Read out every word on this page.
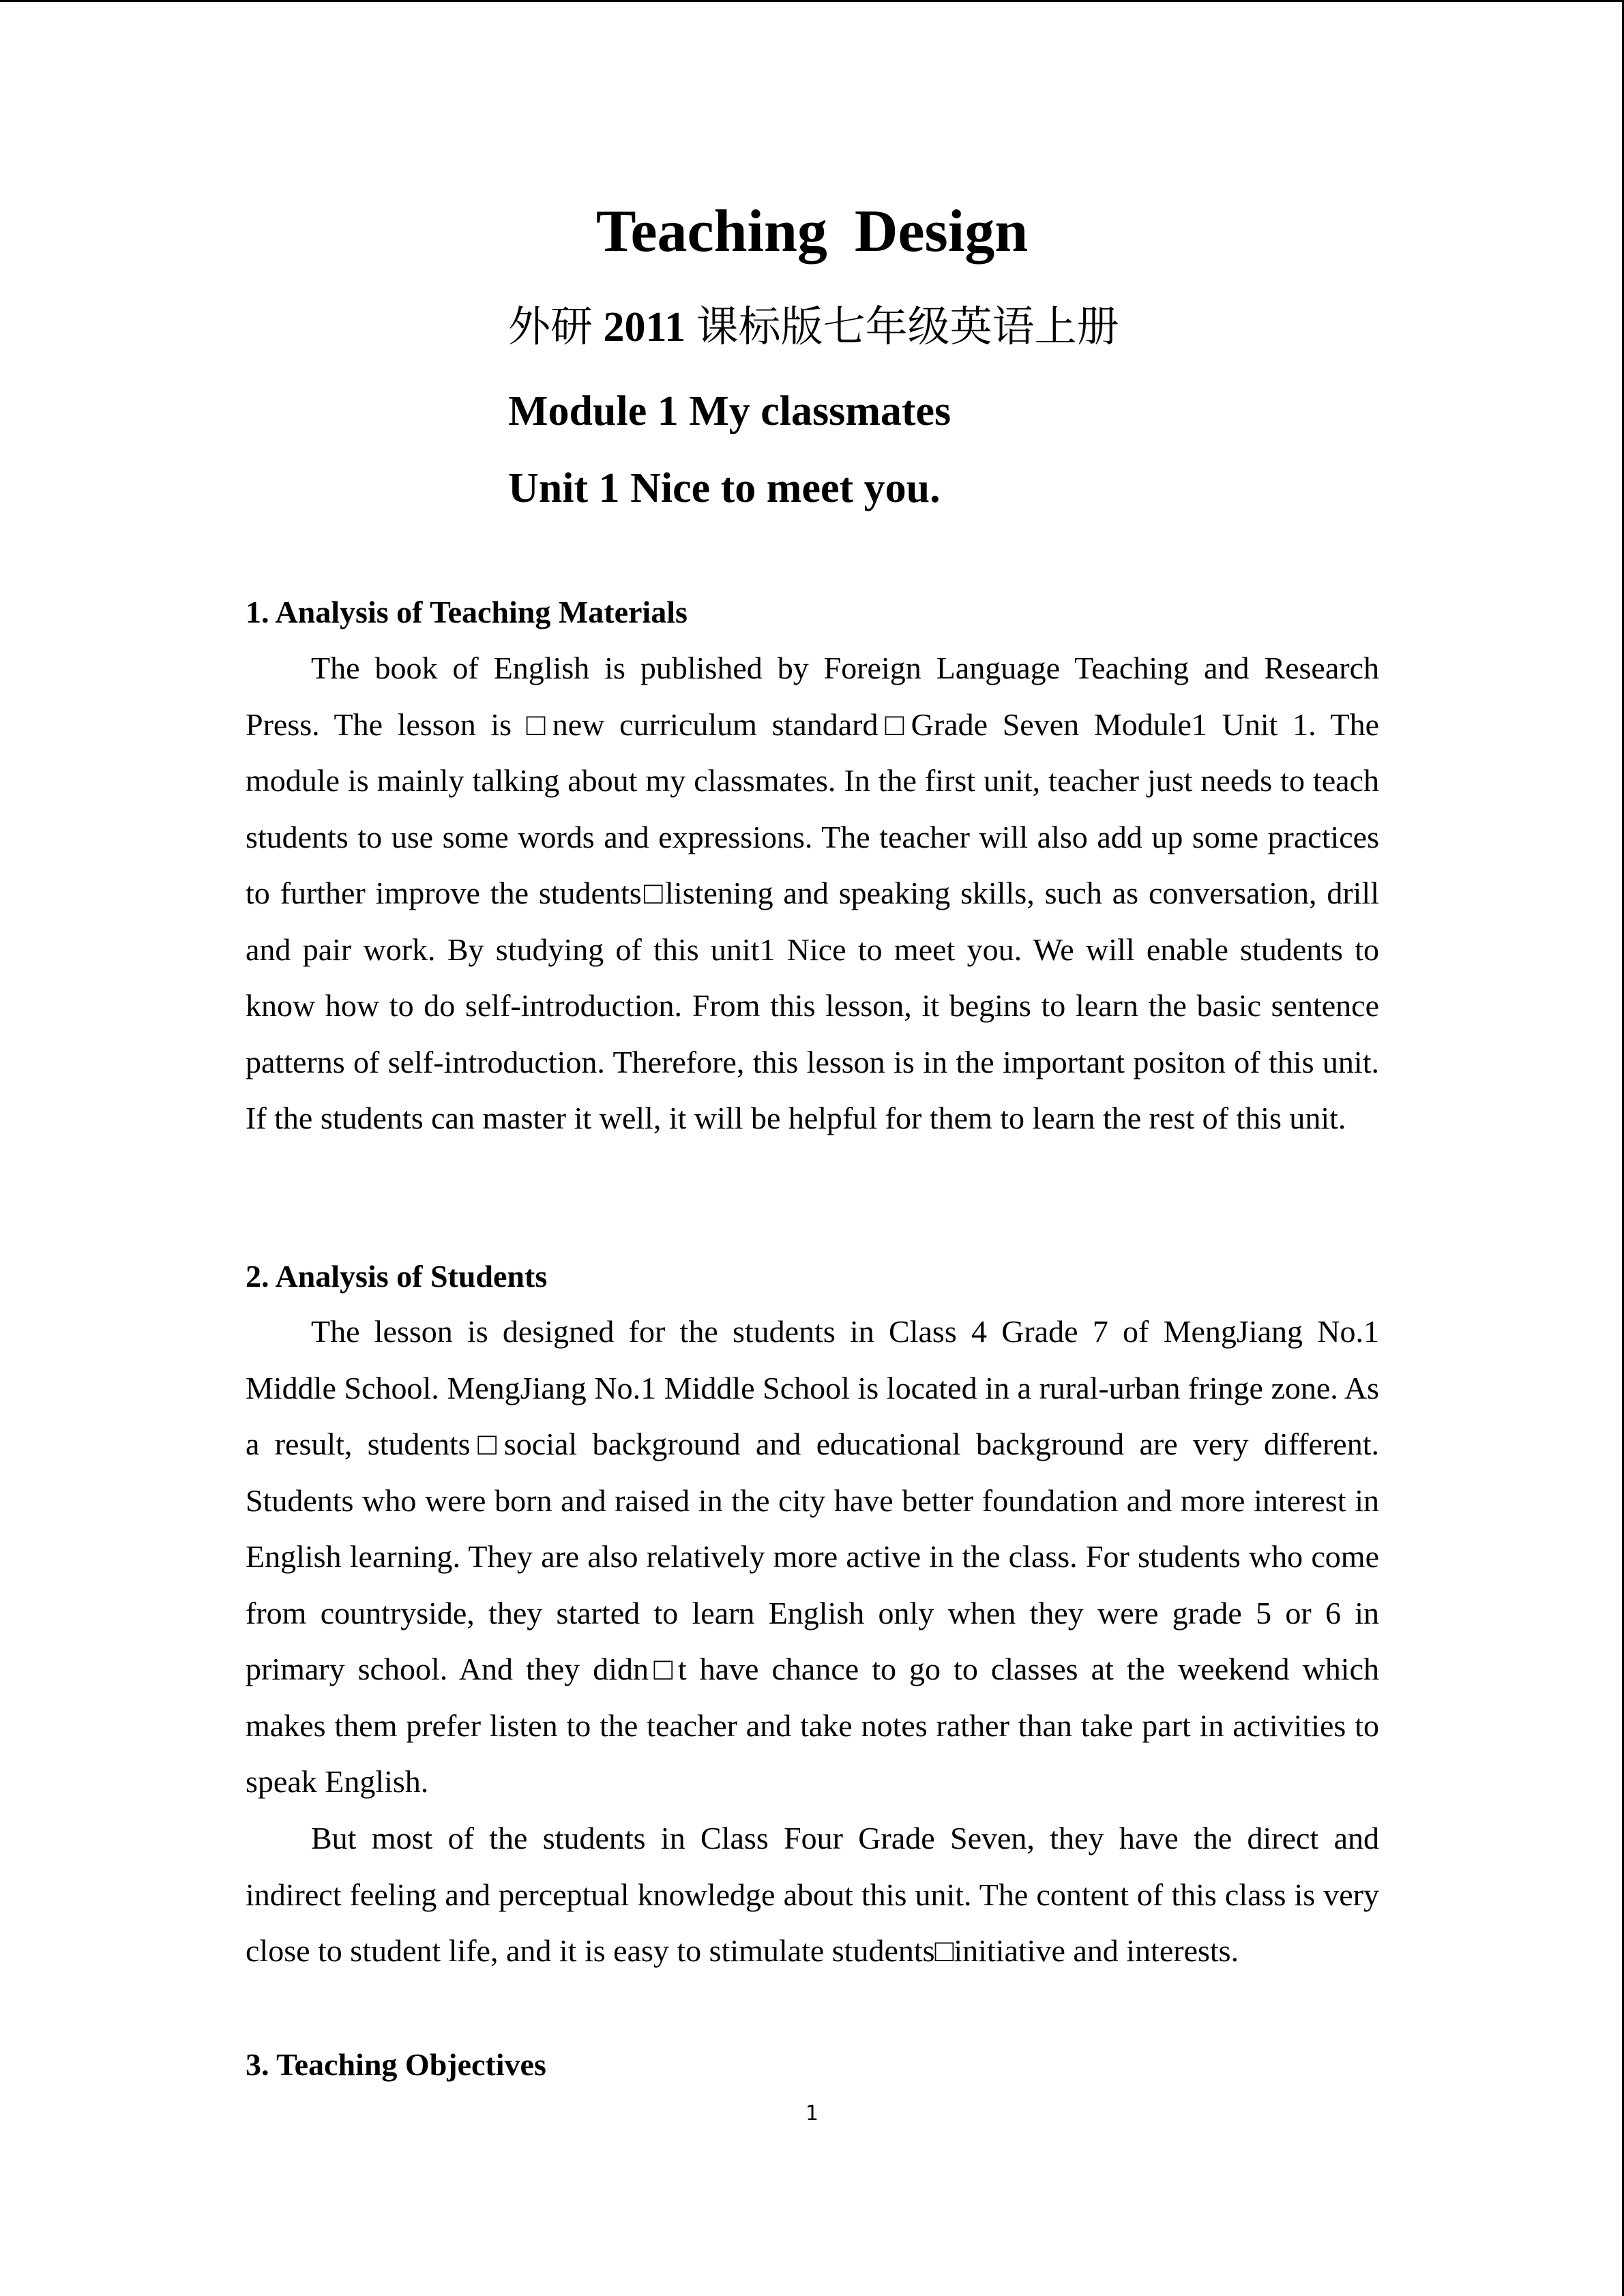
Teaching Design
外研 2011 课标版七年级英语上册
Module 1 My classmates
Unit 1 Nice to meet you.
1. Analysis of Teaching Materials
The book of English is published by Foreign Language Teaching and Research Press. The lesson is □new curriculum standard□Grade Seven Module1 Unit 1. The module is mainly talking about my classmates. In the first unit, teacher just needs to teach students to use some words and expressions. The teacher will also add up some practices to further improve the students□listening and speaking skills, such as conversation, drill and pair work. By studying of this unit1 Nice to meet you. We will enable students to know how to do self-introduction. From this lesson, it begins to learn the basic sentence patterns of self-introduction. Therefore, this lesson is in the important positon of this unit. If the students can master it well, it will be helpful for them to learn the rest of this unit.
2. Analysis of Students
The lesson is designed for the students in Class 4 Grade 7 of MengJiang No.1 Middle School. MengJiang No.1 Middle School is located in a rural-urban fringe zone. As a result, students□social background and educational background are very different. Students who were born and raised in the city have better foundation and more interest in English learning. They are also relatively more active in the class. For students who come from countryside, they started to learn English only when they were grade 5 or 6 in primary school. And they didn□t have chance to go to classes at the weekend which makes them prefer listen to the teacher and take notes rather than take part in activities to speak English.
But most of the students in Class Four Grade Seven, they have the direct and indirect feeling and perceptual knowledge about this unit. The content of this class is very close to student life, and it is easy to stimulate students□initiative and interests.
3. Teaching Objectives
1
